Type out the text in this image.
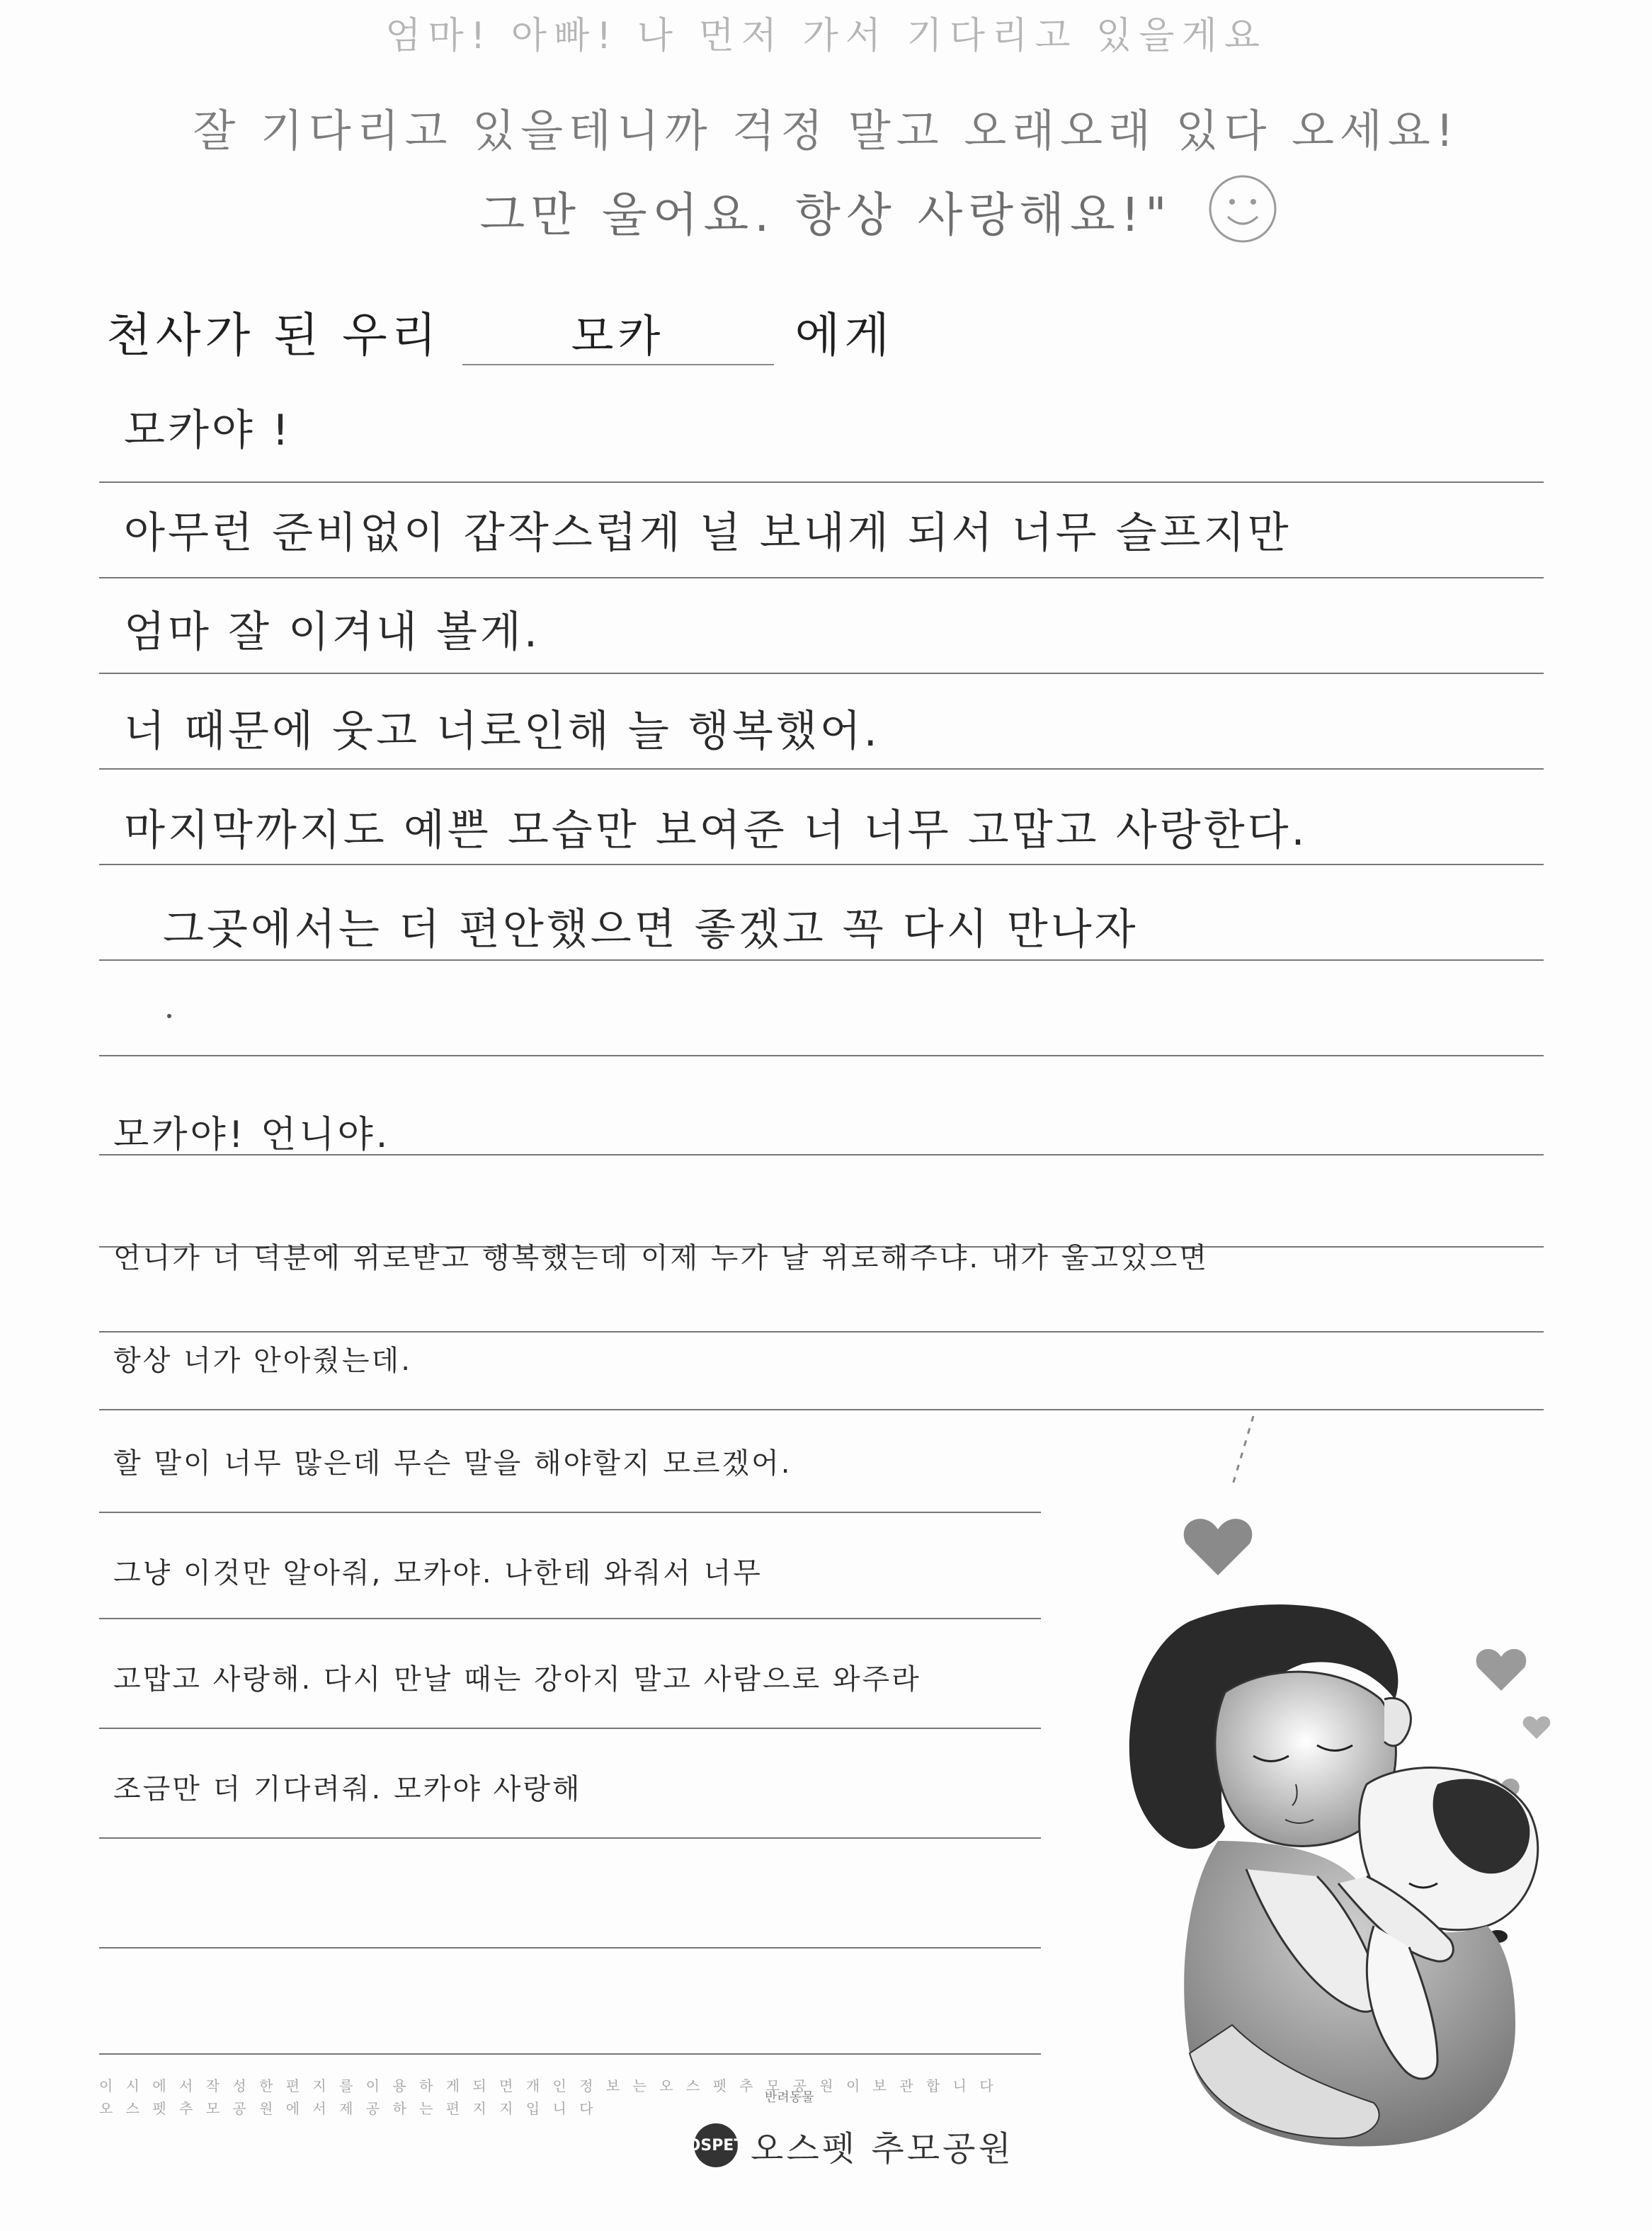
엄마! 아빠! 나 먼저 가서 기다리고 있을게요
잘 기다리고 있을테니까 걱정 말고 오래오래 있다 오세요!
그만 울어요. 항상 사랑해요!"
천사가 된 우리	모카	에게
모카야 !
아무런 준비없이 갑작스럽게 널 보내게 되서 너무 슬프지만
엄마 잘 이겨내 볼게.
너 때문에 웃고 너로인해 늘 행복했어.
마지막까지도 예쁜 모습만 보여준 너 너무 고맙고 사랑한다.
그곳에서는 더 편안했으면 좋겠고 꼭 다시 만나자
모카야! 언니야.
언니가 너 덕분에 위로받고 행복했는데 이제 누가 날 위로해주냐. 내가 울고있으면
항상 너가 안아줬는데.
할 말이 너무 많은데 무슨 말을 해야할지 모르겠어.
그냥 이것만 알아줘, 모카야. 나한테 와줘서 너무
고맙고 사랑해. 다시 만날 때는 강아지 말고 사람으로 와주라
조금만 더 기다려줘. 모카야 사랑해
이 시 에 서 작 성 한 편 지 를 이 용 하 게 되 면 개 인 정 보 는 오 스 펫 추 모 공 원 이 보 관 합 니 다
오 스 펫 추 모 공 원 에 서 제 공 하 는 편 지 지 입 니 다
반려동물
OSPET 오스펫 추모공원
